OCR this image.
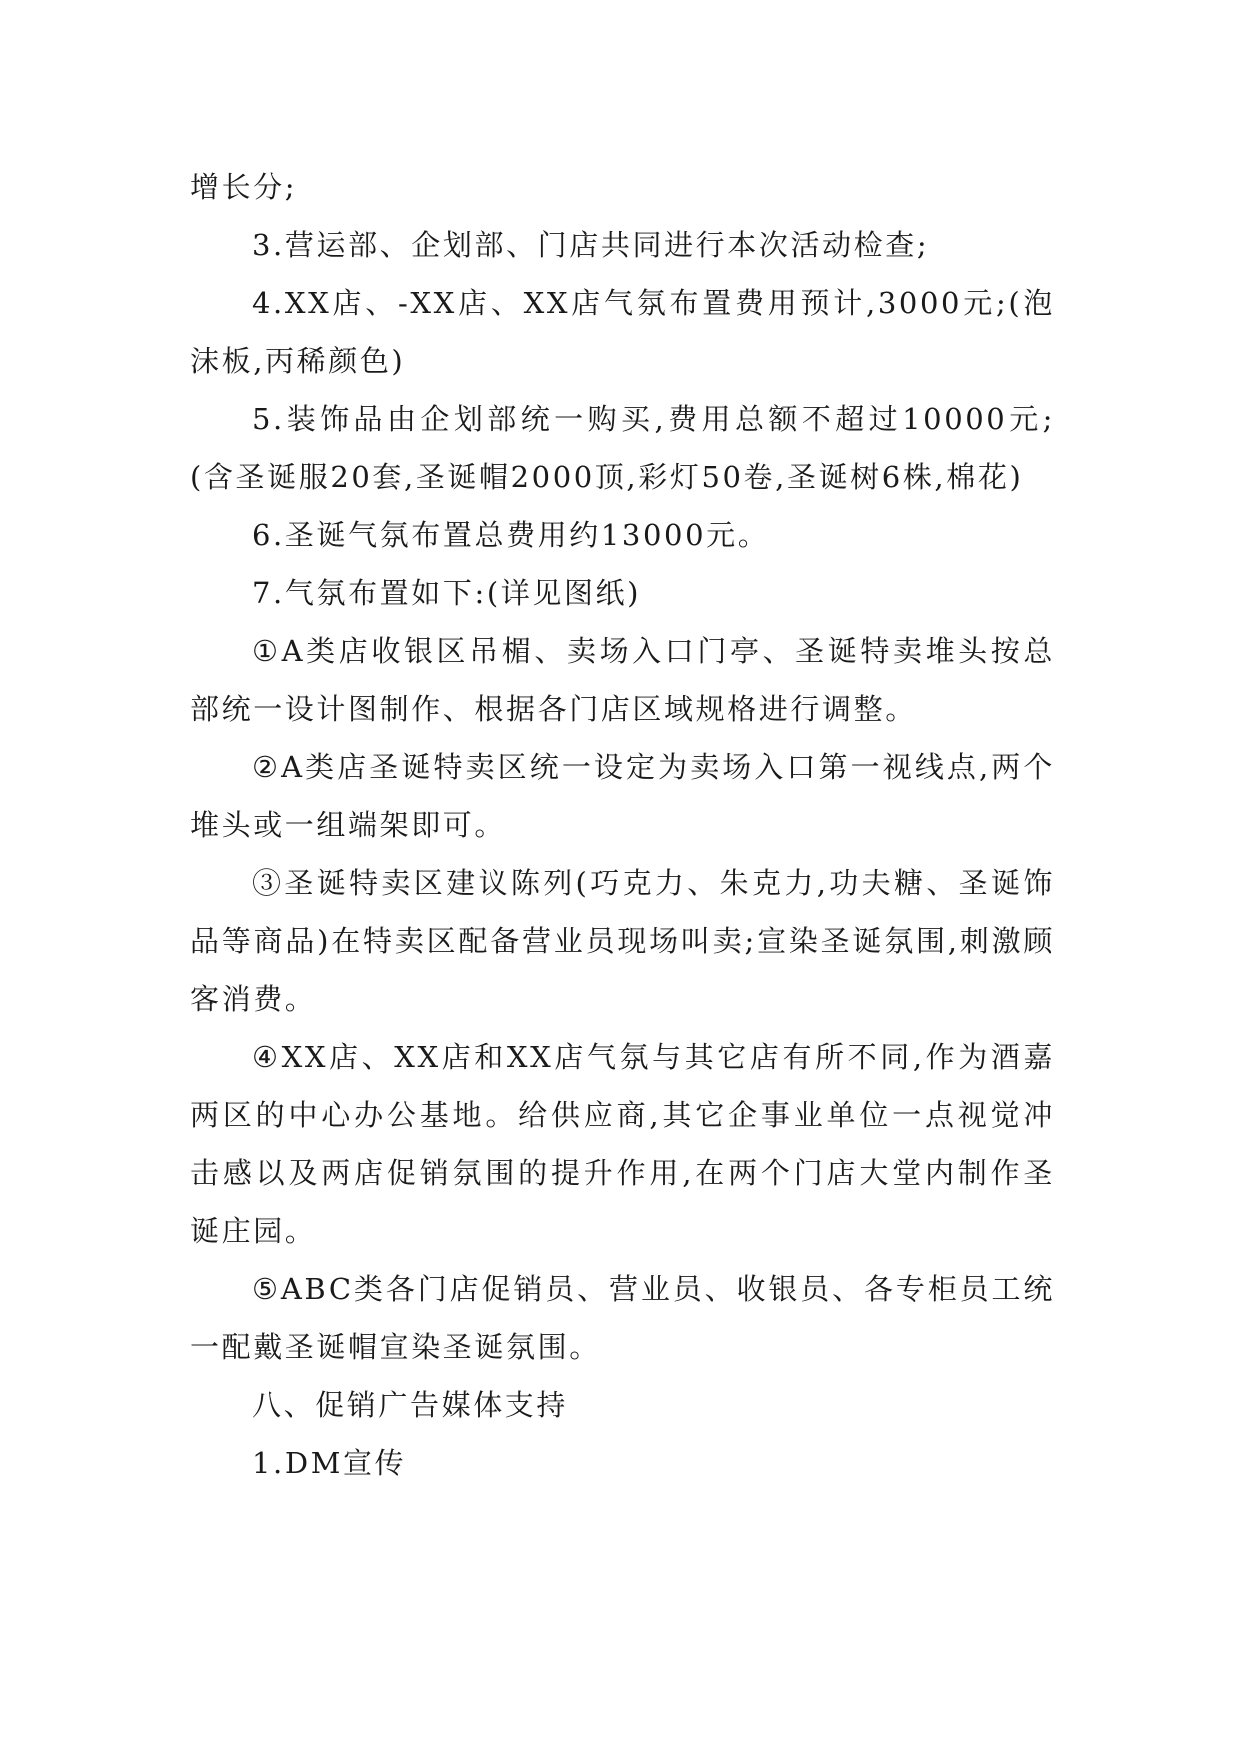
增长分;

3.营运部、企划部、门店共同进行本次活动检查;

4.XX店、-XX店、XX店气氛布置费用预计,3000元;(泡沫板,丙稀颜色)

5.装饰品由企划部统一购买,费用总额不超过10000元;(含圣诞服20套,圣诞帽2000顶,彩灯50卷,圣诞树6株,棉花)

6.圣诞气氛布置总费用约13000元。

7.气氛布置如下:(详见图纸)

①A类店收银区吊楣、卖场入口门亭、圣诞特卖堆头按总部统一设计图制作、根据各门店区域规格进行调整。

②A类店圣诞特卖区统一设定为卖场入口第一视线点,两个堆头或一组端架即可。

③圣诞特卖区建议陈列(巧克力、朱克力,功夫糖、圣诞饰品等商品)在特卖区配备营业员现场叫卖;宣染圣诞氛围,刺激顾客消费。

④XX店、XX店和XX店气氛与其它店有所不同,作为酒嘉两区的中心办公基地。给供应商,其它企事业单位一点视觉冲击感以及两店促销氛围的提升作用,在两个门店大堂内制作圣诞庄园。

⑤ABC类各门店促销员、营业员、收银员、各专柜员工统一配戴圣诞帽宣染圣诞氛围。

八、促销广告媒体支持

1.DM宣传
